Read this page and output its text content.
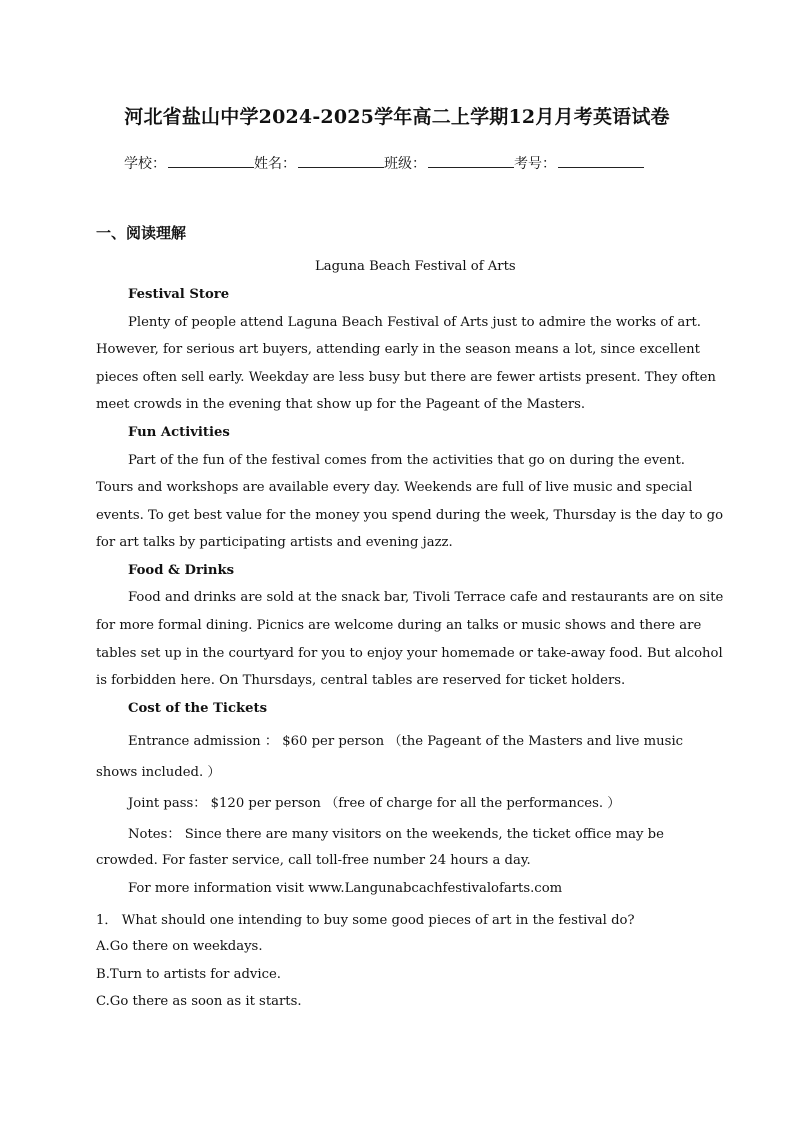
河北省盐山中学2024-2025学年高二上学期12月月考英语试卷
学校：	姓名：	班级：	考号：
一、阅读理解
Laguna Beach Festival of Arts
Festival Store
Plenty of people attend Laguna Beach Festival of Arts just to admire the works of art.
However, for serious art buyers, attending early in the season means a lot, since excellent
pieces often sell early. Weekday are less busy but there are fewer artists present. They often
meet crowds in the evening that show up for the Pageant of the Masters.
Fun Activities
Part of the fun of the festival comes from the activities that go on during the event.
Tours and workshops are available every day. Weekends are full of live music and special
events. To get best value for the money you spend during the week, Thursday is the day to go
for art talks by participating artists and evening jazz.
Food & Drinks
Food and drinks are sold at the snack bar, Tivoli Terrace cafe and restaurants are on site
for more formal dining. Picnics are welcome during an talks or music shows and there are
tables set up in the courtyard for you to enjoy your homemade or take-away food. But alcohol
is forbidden here. On Thursdays, central tables are reserved for ticket holders.
Cost of the Tickets
Entrance admission ： $60 per person （the Pageant of the Masters and live music
shows included. ）
Joint pass： $120 per person （free of charge for all the performances. ）
Notes： Since there are many visitors on the weekends, the ticket office may be
crowded. For faster service, call toll-free number 24 hours a day.
For more information visit www.Langunabcachfestivalofarts.com
1． What should one intending to buy some good pieces of art in the festival do?
A.Go there on weekdays.
B.Turn to artists for advice.
C.Go there as soon as it starts.
